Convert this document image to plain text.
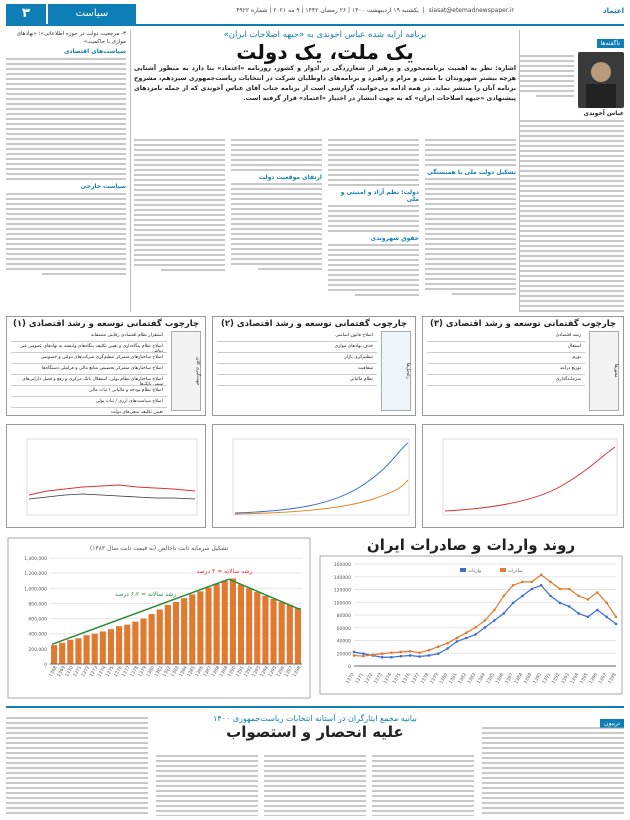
۳	سیاست	siasat@etemadnewspaper.ir  |  یکشنبه ۱۹ اردیبهشت ۱۴۰۰ | ۲۶ رمضان ۱۴۴۲ | ۹ مه ۲۰۲۱ | شماره ۴۹۲۲	اعتماد
ناگفته‌ها
عباس آخوندی
برنامه ارایه شده عباس آخوندی به «جبهه اصلاحات ایران»
یک ملت، یک دولت
اشاره: نظر به اهمیت برنامه‌محوری و پرهیز از شعارزدگی در ادوار و کشور، روزنامه «اعتماد» بنا دارد به منظور آشنایی هرچه بیشتر شهروندان با مشی و مرام و راهبرد و برنامه‌های داوطلبان شرکت در انتخابات ریاست‌جمهوری سیزدهم، مشروح برنامه آنان را منتشر نماید. در همه ادامه می‌خوانید، گزارشی است از برنامه جناب آقای عباس آخوندی که از جمله نامزدهای پیشنهادی «جبهه اصلاحات ایران» که به جهت انتشار در اختیار «اعتماد» قرار گرفته است.
تشکیل دولت ملی با همبستگی
دولت: نظم آزاد و امنیتی و ملی
حقوق شهروندی
ارتقای موقعیت دولت
۳- مرجعیت دولت در حوزه اطلاعاتی»؛ «نهادهای موازی با حاکمیت»
سیاست‌های اقتصادی
سیاست خارجی
چارچوب گفتمانی توسعه و رشد اقتصادی (۱)
جهت‌گیری کلان
استقرار نظام اقتصادی رقابتی منصفانه
اصلاح نظام بنگاه‌داری و تعیین تکلیف بنگاه‌های وابسته به نهادهای عمومی غیر دولتی
اصلاح ساختارهای متمرکز تنظیم‌گری شرکت‌های دولتی و خصوصی
اصلاح ساختارهای متمرکز تخصیص منابع مالی و فراملی دستگاه‌ها
اصلاح ساختارهای نظام پولی: استقلال بانک مرکزی و رفع و فصل دارایی‌های سمی بانک‌ها
اصلاح نظام بودجه و مالیاتی / ثبات مالی
اصلاح سیاست‌های ارزی / ثبات پولی
تعیین تکلیف بدهی‌های دولت
چارچوب گفتمانی توسعه و رشد اقتصادی (۲)
راه‌حل‌ها
اصلاح قانون اساسی
حذف نهادهای موازی
تنظیم‌گری بازار
شفافیت
نظام مالیاتی
چارچوب گفتمانی توسعه و رشد اقتصادی (۳)
محورها
رشد اقتصادی
اشتغال
تورم
توزیع درآمد
سرمایه‌گذاری
تشکیل سرمایه ثابت ناخالص (به قیمت ثابت سال ۱۳۸۳)
0
200,000
400,000
600,000
800,000
1,000,000
1,200,000
1,400,000
1368
1369
1370
1371
1372
1373
1374
1375
1376
1377
1378
1379
1380
1381
1382
1383
1384
1385
1386
1387
1388
1389
1390
1391
1392
1393
1394
1395
1396
1397
1398
رشد سالانه ≈ ۶،۲ درصد
رشد سالانه ≈ ۴ درصد
روند واردات و صادرات ایران
0
20000
40000
60000
80000
100000
120000
140000
160000
1370 1371 1372 1373 1374 1375 1376 1377 1378 1379 1380 1381 1382 1383 1384 1385 1386 1387 1388 1389 1390 1391 1392 1393 1394 1395 1396 1397 1398
واردات	صادرات
تریبون
بیانیه مجمع ایثارگران در آستانه انتخابات ریاست‌جمهوری ۱۴۰۰
علیه انحصار و استصواب
